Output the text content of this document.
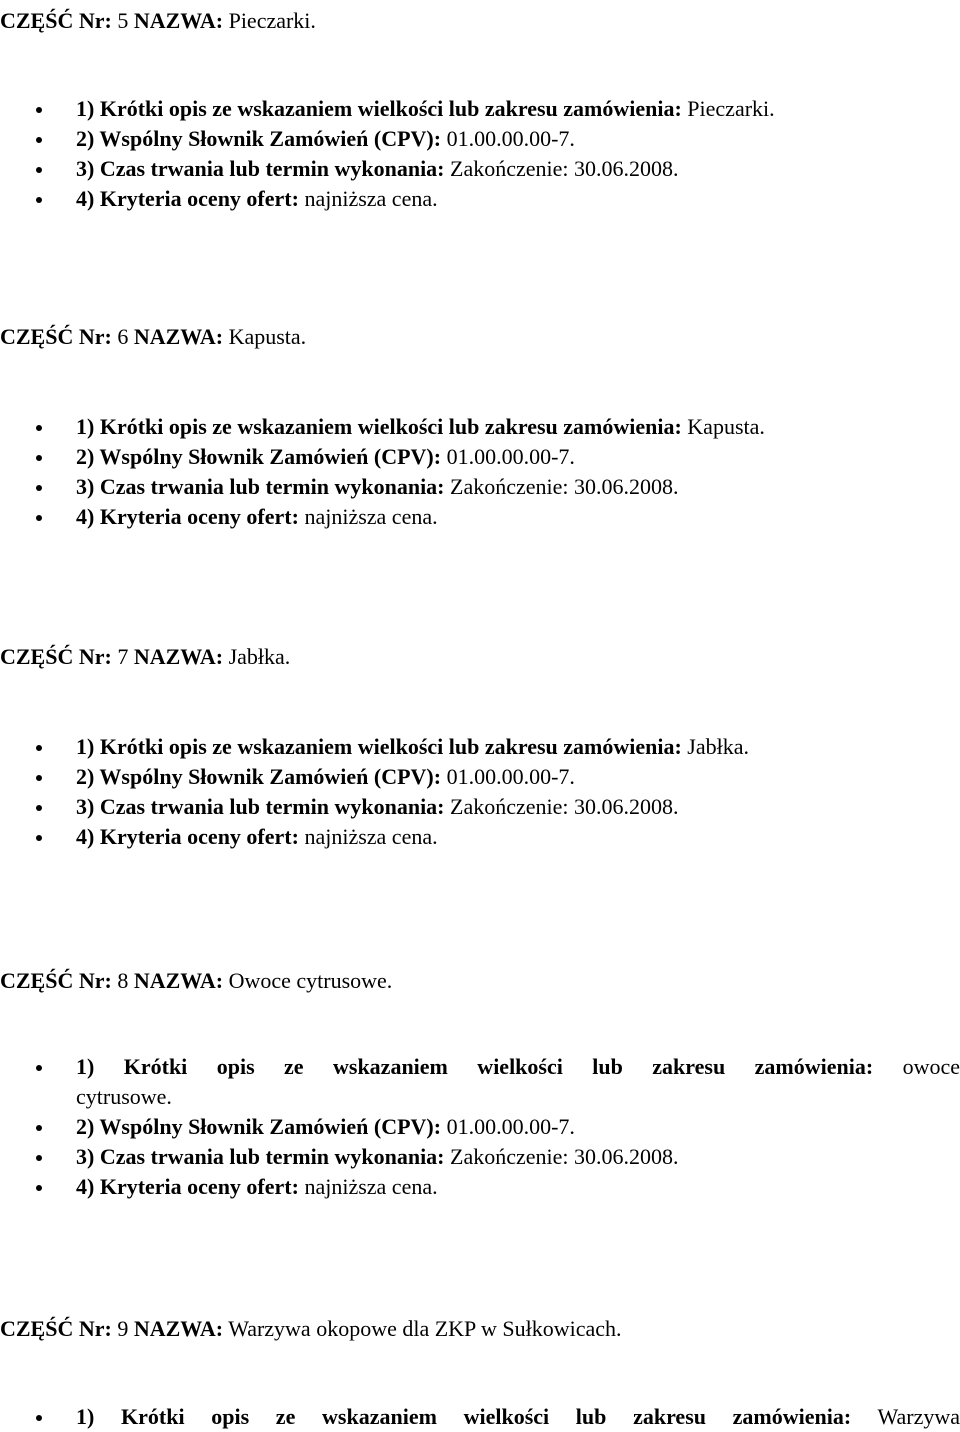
CZĘŚĆ Nr: 5 NAZWA: Pieczarki.
1) Krótki opis ze wskazaniem wielkości lub zakresu zamówienia: Pieczarki.
2) Wspólny Słownik Zamówień (CPV): 01.00.00.00-7.
3) Czas trwania lub termin wykonania: Zakończenie: 30.06.2008.
4) Kryteria oceny ofert: najniższa cena.
CZĘŚĆ Nr: 6 NAZWA: Kapusta.
1) Krótki opis ze wskazaniem wielkości lub zakresu zamówienia: Kapusta.
2) Wspólny Słownik Zamówień (CPV): 01.00.00.00-7.
3) Czas trwania lub termin wykonania: Zakończenie: 30.06.2008.
4) Kryteria oceny ofert: najniższa cena.
CZĘŚĆ Nr: 7 NAZWA: Jabłka.
1) Krótki opis ze wskazaniem wielkości lub zakresu zamówienia: Jabłka.
2) Wspólny Słownik Zamówień (CPV): 01.00.00.00-7.
3) Czas trwania lub termin wykonania: Zakończenie: 30.06.2008.
4) Kryteria oceny ofert: najniższa cena.
CZĘŚĆ Nr: 8 NAZWA: Owoce cytrusowe.
1) Krótki opis ze wskazaniem wielkości lub zakresu zamówienia: owoce
cytrusowe.
2) Wspólny Słownik Zamówień (CPV): 01.00.00.00-7.
3) Czas trwania lub termin wykonania: Zakończenie: 30.06.2008.
4) Kryteria oceny ofert: najniższa cena.
CZĘŚĆ Nr: 9 NAZWA: Warzywa okopowe dla ZKP w Sułkowicach.
1) Krótki opis ze wskazaniem wielkości lub zakresu zamówienia: Warzywa
